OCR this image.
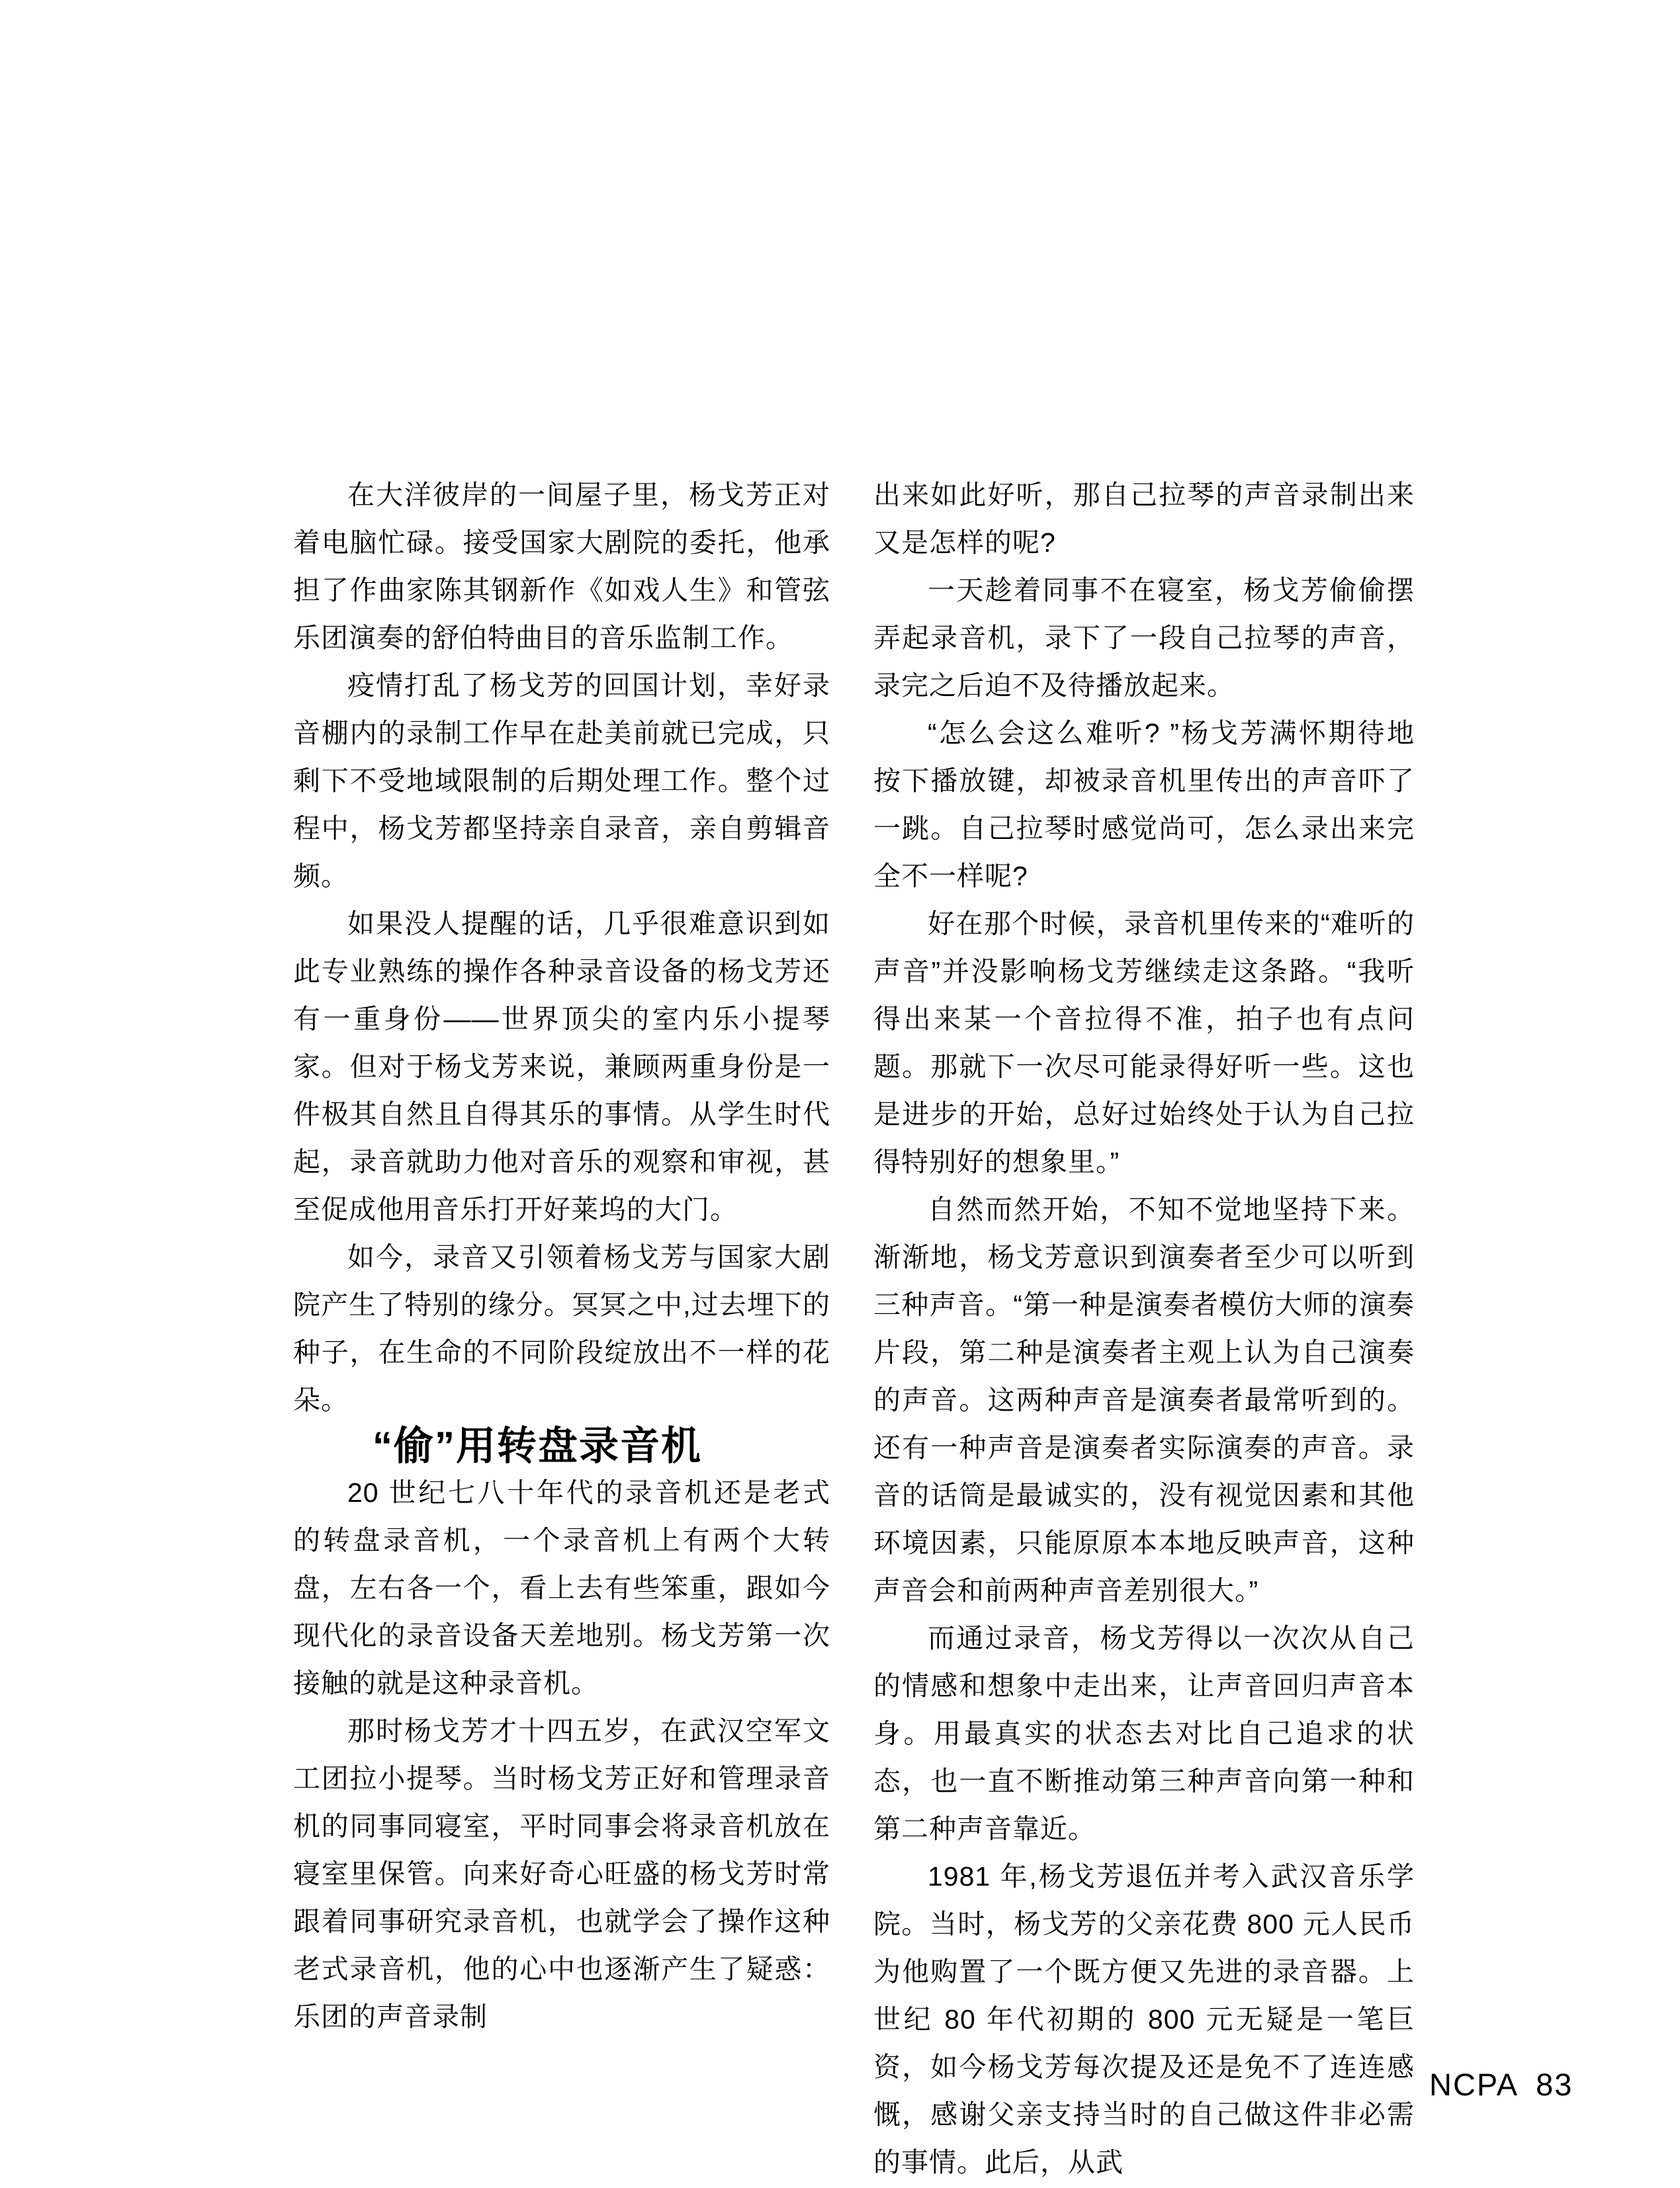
在大洋彼岸的一间屋子里，杨戈芳正对着电脑忙碌。接受国家大剧院的委托，他承担了作曲家陈其钢新作《如戏人生》和管弦乐团演奏的舒伯特曲目的音乐监制工作。

疫情打乱了杨戈芳的回国计划，幸好录音棚内的录制工作早在赴美前就已完成，只剩下不受地域限制的后期处理工作。整个过程中，杨戈芳都坚持亲自录音，亲自剪辑音频。

如果没人提醒的话，几乎很难意识到如此专业熟练的操作各种录音设备的杨戈芳还有一重身份——世界顶尖的室内乐小提琴家。但对于杨戈芳来说，兼顾两重身份是一件极其自然且自得其乐的事情。从学生时代起，录音就助力他对音乐的观察和审视，甚至促成他用音乐打开好莱坞的大门。

如今，录音又引领着杨戈芳与国家大剧院产生了特别的缘分。冥冥之中,过去埋下的种子，在生命的不同阶段绽放出不一样的花朵。

“偷”用转盘录音机

20 世纪七八十年代的录音机还是老式的转盘录音机，一个录音机上有两个大转盘，左右各一个，看上去有些笨重，跟如今现代化的录音设备天差地别。杨戈芳第一次接触的就是这种录音机。

那时杨戈芳才十四五岁，在武汉空军文工团拉小提琴。当时杨戈芳正好和管理录音机的同事同寝室，平时同事会将录音机放在寝室里保管。向来好奇心旺盛的杨戈芳时常跟着同事研究录音机，也就学会了操作这种老式录音机，他的心中也逐渐产生了疑惑：乐团的声音录制

出来如此好听，那自己拉琴的声音录制出来又是怎样的呢?

一天趁着同事不在寝室，杨戈芳偷偷摆弄起录音机，录下了一段自己拉琴的声音，录完之后迫不及待播放起来。

“怎么会这么难听? ”杨戈芳满怀期待地按下播放键，却被录音机里传出的声音吓了一跳。自己拉琴时感觉尚可，怎么录出来完全不一样呢?

好在那个时候，录音机里传来的“难听的声音”并没影响杨戈芳继续走这条路。“我听得出来某一个音拉得不准，拍子也有点问题。那就下一次尽可能录得好听一些。这也是进步的开始，总好过始终处于认为自己拉得特别好的想象里。”

自然而然开始，不知不觉地坚持下来。渐渐地，杨戈芳意识到演奏者至少可以听到三种声音。“第一种是演奏者模仿大师的演奏片段，第二种是演奏者主观上认为自己演奏的声音。这两种声音是演奏者最常听到的。还有一种声音是演奏者实际演奏的声音。录音的话筒是最诚实的，没有视觉因素和其他环境因素，只能原原本本地反映声音，这种声音会和前两种声音差别很大。”

而通过录音，杨戈芳得以一次次从自己的情感和想象中走出来，让声音回归声音本身。用最真实的状态去对比自己追求的状态，也一直不断推动第三种声音向第一种和第二种声音靠近。

1981 年,杨戈芳退伍并考入武汉音乐学院。当时，杨戈芳的父亲花费 800 元人民币为他购置了一个既方便又先进的录音器。上世纪 80 年代初期的 800 元无疑是一笔巨资，如今杨戈芳每次提及还是免不了连连感慨，感谢父亲支持当时的自己做这件非必需的事情。此后，从武

NCPA 83
